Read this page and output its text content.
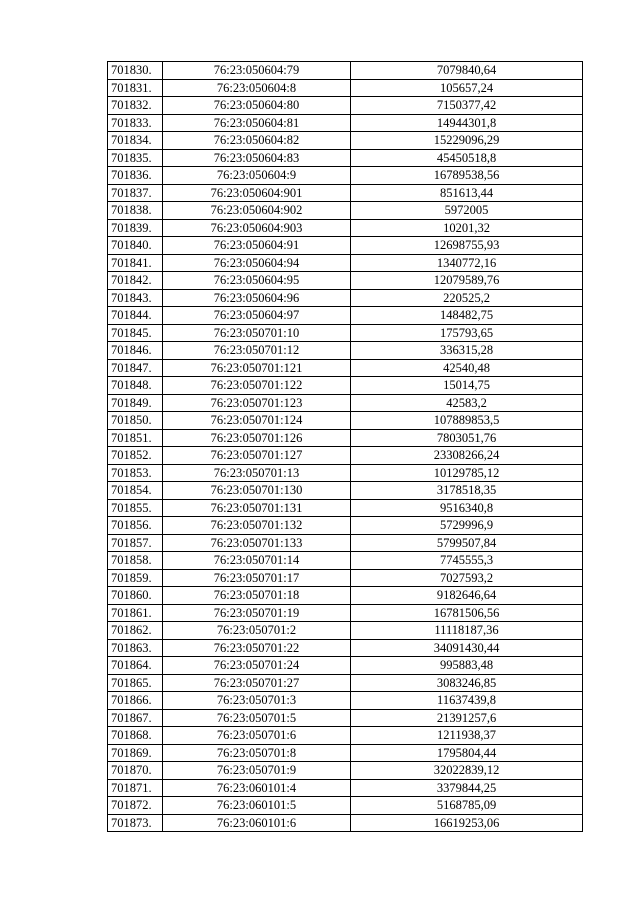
701830.	76:23:050604:79	7079840,64
701831.	76:23:050604:8	105657,24
701832.	76:23:050604:80	7150377,42
701833.	76:23:050604:81	14944301,8
701834.	76:23:050604:82	15229096,29
701835.	76:23:050604:83	45450518,8
701836.	76:23:050604:9	16789538,56
701837.	76:23:050604:901	851613,44
701838.	76:23:050604:902	5972005
701839.	76:23:050604:903	10201,32
701840.	76:23:050604:91	12698755,93
701841.	76:23:050604:94	1340772,16
701842.	76:23:050604:95	12079589,76
701843.	76:23:050604:96	220525,2
701844.	76:23:050604:97	148482,75
701845.	76:23:050701:10	175793,65
701846.	76:23:050701:12	336315,28
701847.	76:23:050701:121	42540,48
701848.	76:23:050701:122	15014,75
701849.	76:23:050701:123	42583,2
701850.	76:23:050701:124	107889853,5
701851.	76:23:050701:126	7803051,76
701852.	76:23:050701:127	23308266,24
701853.	76:23:050701:13	10129785,12
701854.	76:23:050701:130	3178518,35
701855.	76:23:050701:131	9516340,8
701856.	76:23:050701:132	5729996,9
701857.	76:23:050701:133	5799507,84
701858.	76:23:050701:14	7745555,3
701859.	76:23:050701:17	7027593,2
701860.	76:23:050701:18	9182646,64
701861.	76:23:050701:19	16781506,56
701862.	76:23:050701:2	11118187,36
701863.	76:23:050701:22	34091430,44
701864.	76:23:050701:24	995883,48
701865.	76:23:050701:27	3083246,85
701866.	76:23:050701:3	11637439,8
701867.	76:23:050701:5	21391257,6
701868.	76:23:050701:6	1211938,37
701869.	76:23:050701:8	1795804,44
701870.	76:23:050701:9	32022839,12
701871.	76:23:060101:4	3379844,25
701872.	76:23:060101:5	5168785,09
701873.	76:23:060101:6	16619253,06
